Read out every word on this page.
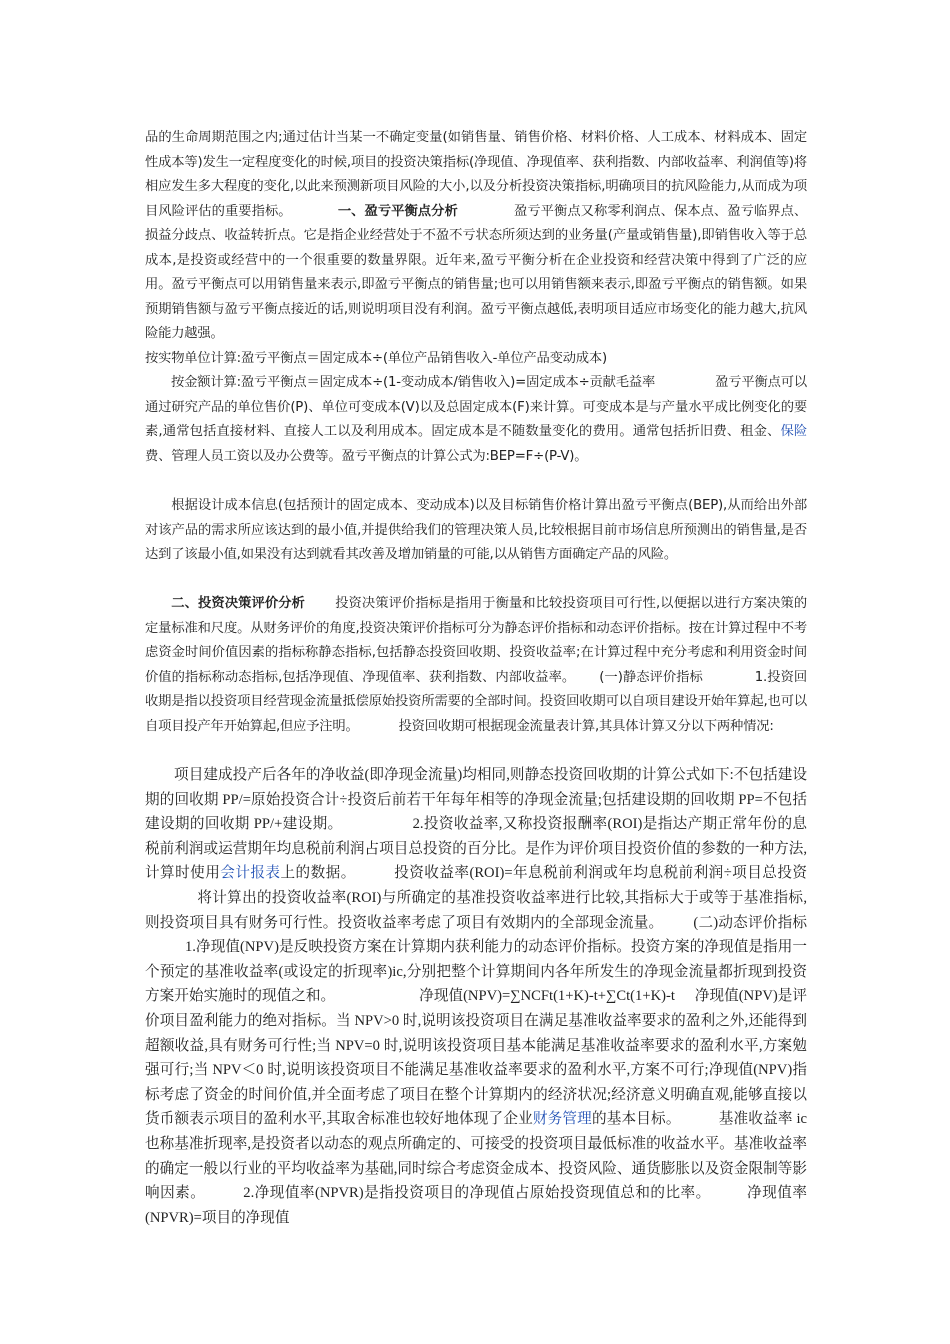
品的生命周期范围之内;通过估计当某一不确定变量(如销售量、销售价格、材料价格、人工成本、材料成本、固定性成本等)发生一定程度变化的时候,项目的投资决策指标(净现值、净现值率、获利指数、内部收益率、利润值等)将相应发生多大程度的变化,以此来预测新项目风险的大小,以及分析投资决策指标,明确项目的抗风险能力,从而成为项目风险评估的重要指标。	一、盈亏平衡点分析	盈亏平衡点又称零利润点、保本点、盈亏临界点、损益分歧点、收益转折点。它是指企业经营处于不盈不亏状态所须达到的业务量(产量或销售量),即销售收入等于总成本,是投资或经营中的一个很重要的数量界限。近年来,盈亏平衡分析在企业投资和经营决策中得到了广泛的应用。盈亏平衡点可以用销售量来表示,即盈亏平衡点的销售量;也可以用销售额来表示,即盈亏平衡点的销售额。如果预期销售额与盈亏平衡点接近的话,则说明项目没有利润。盈亏平衡点越低,表明项目适应市场变化的能力越大,抗风险能力越强。
按实物单位计算:盈亏平衡点＝固定成本÷(单位产品销售收入-单位产品变动成本)
按金额计算:盈亏平衡点＝固定成本÷(1-变动成本/销售收入)=固定成本÷贡献毛益率	盈亏平衡点可以通过研究产品的单位售价(P)、单位可变成本(V)以及总固定成本(F)来计算。可变成本是与产量水平成比例变化的要素,通常包括直接材料、直接人工以及利用成本。固定成本是不随数量变化的费用。通常包括折旧费、租金、保险费、管理人员工资以及办公费等。盈亏平衡点的计算公式为:BEP=F÷(P-V)。
根据设计成本信息(包括预计的固定成本、变动成本)以及目标销售价格计算出盈亏平衡点(BEP),从而给出外部对该产品的需求所应该达到的最小值,并提供给我们的管理决策人员,比较根据目前市场信息所预测出的销售量,是否达到了该最小值,如果没有达到就看其改善及增加销量的可能,以从销售方面确定产品的风险。
二、投资决策评价分析 投资决策评价指标是指用于衡量和比较投资项目可行性,以便据以进行方案决策的定量标准和尺度。从财务评价的角度,投资决策评价指标可分为静态评价指标和动态评价指标。按在计算过程中不考虑资金时间价值因素的指标称静态指标,包括静态投资回收期、投资收益率;在计算过程中充分考虑和利用资金时间价值的指标称动态指标,包括净现值、净现值率、获利指数、内部收益率。 (一)静态评价指标	1.投资回收期是指以投资项目经营现金流量抵偿原始投资所需要的全部时间。投资回收期可以自项目建设开始年算起,也可以自项目投产年开始算起,但应予注明。	投资回收期可根据现金流量表计算,其具体计算又分以下两种情况:
项目建成投产后各年的净收益(即净现金流量)均相同,则静态投资回收期的计算公式如下:不包括建设期的回收期 PP/=原始投资合计÷投资后前若干年每年相等的净现金流量;包括建设期的回收期 PP=不包括建设期的回收期 PP/+建设期。	2.投资收益率,又称投资报酬率(ROI)是指达产期正常年份的息税前利润或运营期年均息税前利润占项目总投资的百分比。是作为评价项目投资价值的参数的一种方法,计算时使用会计报表上的数据。	投资收益率(ROI)=年息税前利润或年均息税前利润÷项目总投资将计算出的投资收益率(ROI)与所确定的基准投资收益率进行比较,其指标大于或等于基准指标,则投资项目具有财务可行性。投资收益率考虑了项目有效期内的全部现金流量。 (二)动态评价指标1.净现值(NPV)是反映投资方案在计算期内获利能力的动态评价指标。投资方案的净现值是指用一个预定的基准收益率(或设定的折现率)ic,分别把整个计算期间内各年所发生的净现金流量都折现到投资方案开始实施时的现值之和。	净现值(NPV)=∑NCFt(1+K)-t+∑Ct(1+K)-t 净现值(NPV)是评价项目盈利能力的绝对指标。当 NPV>0 时,说明该投资项目在满足基准收益率要求的盈利之外,还能得到超额收益,具有财务可行性;当 NPV=0 时,说明该投资项目基本能满足基准收益率要求的盈利水平,方案勉强可行;当 NPV＜0 时,说明该投资项目不能满足基准收益率要求的盈利水平,方案不可行;净现值(NPV)指标考虑了资金的时间价值,并全面考虑了项目在整个计算期内的经济状况;经济意义明确直观,能够直接以货币额表示项目的盈利水平,其取舍标准也较好地体现了企业财务管理的基本目标。	基准收益率 ic 也称基准折现率,是投资者以动态的观点所确定的、可接受的投资项目最低标准的收益水平。基准收益率的确定一般以行业的平均收益率为基础,同时综合考虑资金成本、投资风险、通货膨胀以及资金限制等影响因素。	2.净现值率(NPVR)是指投资项目的净现值占原始投资现值总和的比率。 净现值率(NPVR)=项目的净现值
